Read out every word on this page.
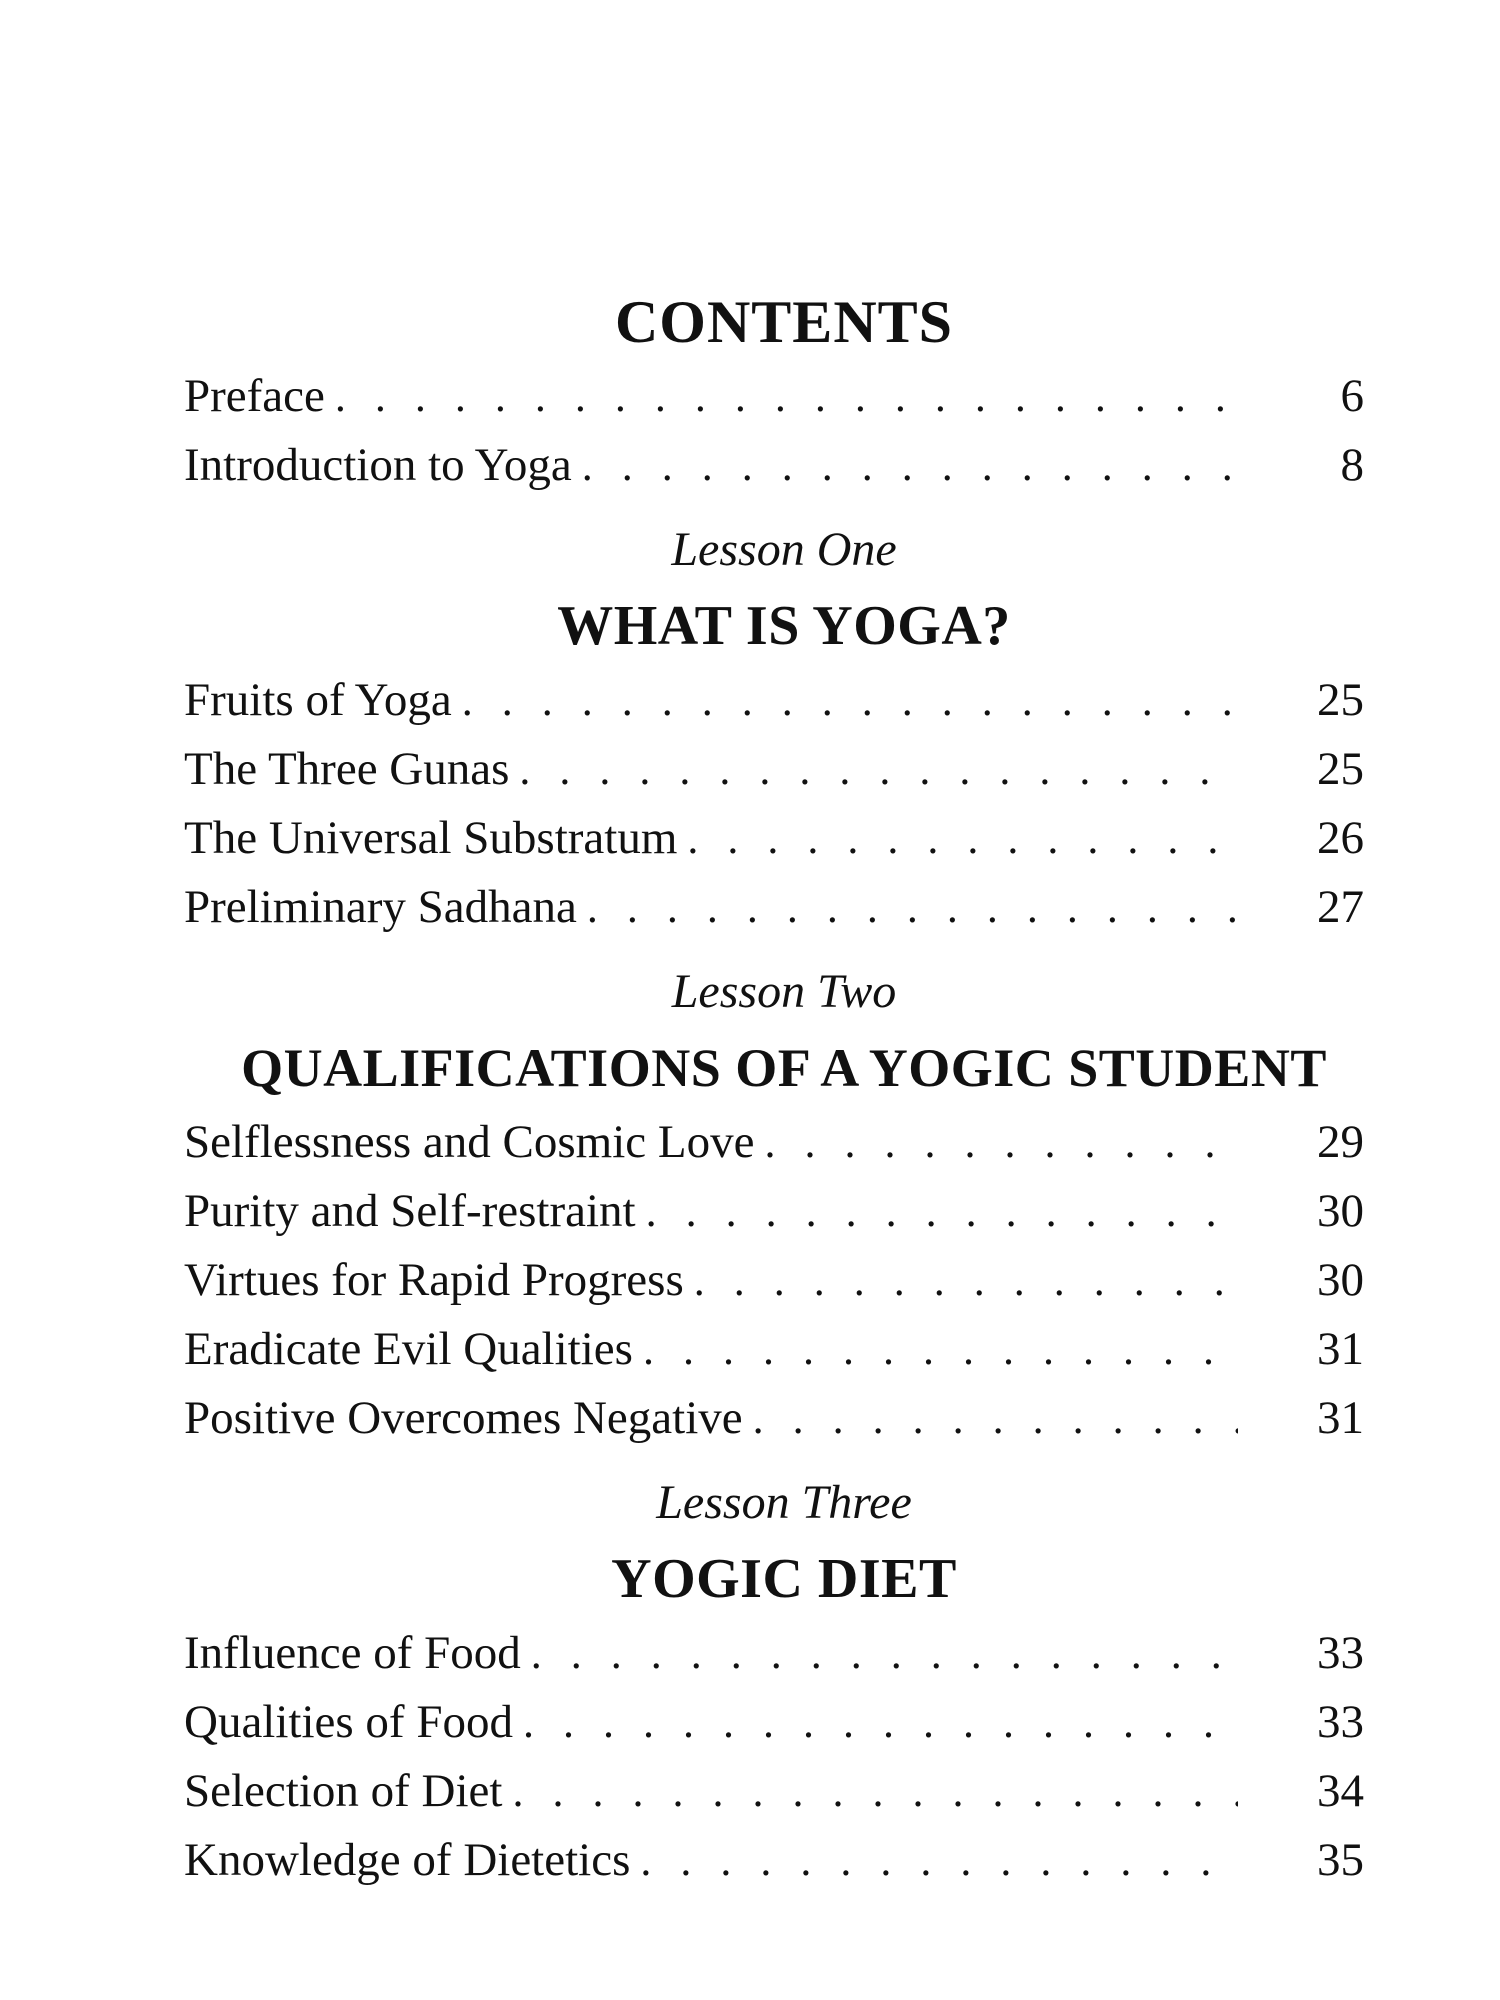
CONTENTS
Preface . . .	6
Introduction to Yoga . . .	8
Lesson One
WHAT IS YOGA?
Fruits of Yoga . . .	25
The Three Gunas . . .	25
The Universal Substratum . . .	26
Preliminary Sadhana . . .	27
Lesson Two
QUALIFICATIONS OF A YOGIC STUDENT
Selflessness and Cosmic Love . . .	29
Purity and Self-restraint . . .	30
Virtues for Rapid Progress . . .	30
Eradicate Evil Qualities . . .	31
Positive Overcomes Negative . . .	31
Lesson Three
YOGIC DIET
Influence of Food . . .	33
Qualities of Food . . .	33
Selection of Diet . . .	34
Knowledge of Dietetics . . .	35
